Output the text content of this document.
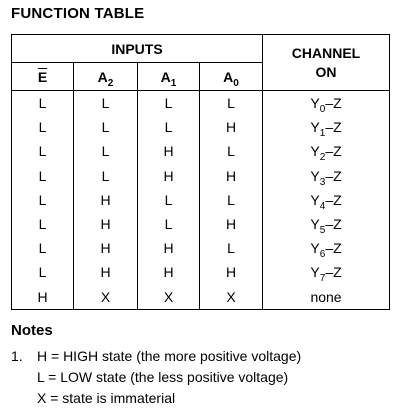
FUNCTION TABLE
INPUTS				CHANNEL
ON

$\overline{E}$	$A_2$	$A_1$	$A_0$
L	L	L	L	$Y_0-Z$
L	L	L	H	$Y_1-Z$
L	L	H	L	$Y_2-Z$
L	L	H	H	$Y_3-Z$
L	H	L	L	$Y_4-Z$
L	H	L	H	$Y_5-Z$
L	H	H	L	$Y_6-Z$
L	H	H	H	$Y_7-Z$
H	X	X	X	none
Notes
1. H = HIGH state (the more positive voltage)
L = LOW state (the less positive voltage)
X = state is immaterial
